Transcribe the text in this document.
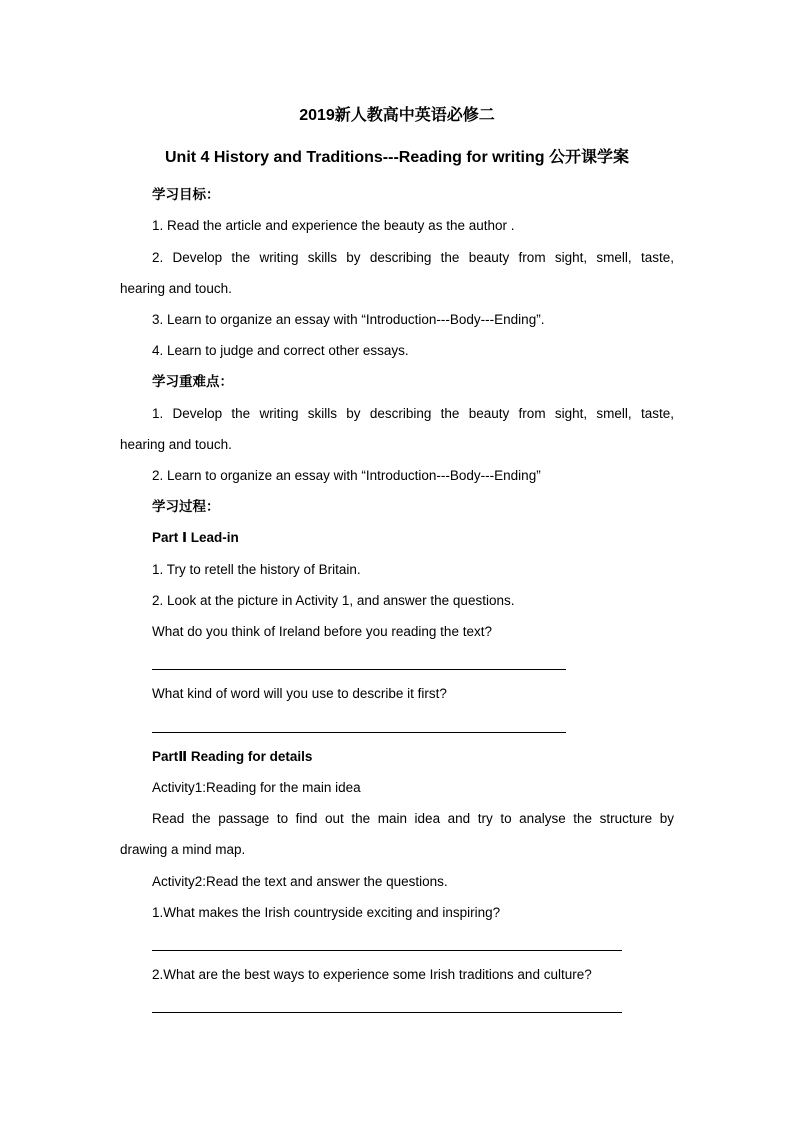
2019新人教高中英语必修二
Unit 4 History and Traditions---Reading for writing 公开课学案
学习目标：
1. Read the article and experience the beauty as the author .
2. Develop the writing skills by describing the beauty from sight, smell, taste,
hearing and touch.
3. Learn to organize an essay with “Introduction---Body---Ending”.
4. Learn to judge and correct other essays.
学习重难点：
1. Develop the writing skills by describing the beauty from sight, smell, taste,
hearing and touch.
2. Learn to organize an essay with “Introduction---Body---Ending”
学习过程：
Part Ⅰ Lead-in
1. Try to retell the history of Britain.
2. Look at the picture in Activity 1, and answer the questions.
What do you think of Ireland before you reading the text?
What kind of word will you use to describe it first?
PartⅡ Reading for details
Activity1:Reading for the main idea
Read the passage to find out the main idea and try to analyse the structure by
drawing a mind map.
Activity2:Read the text and answer the questions.
1.What makes the Irish countryside exciting and inspiring?
2.What are the best ways to experience some Irish traditions and culture?
